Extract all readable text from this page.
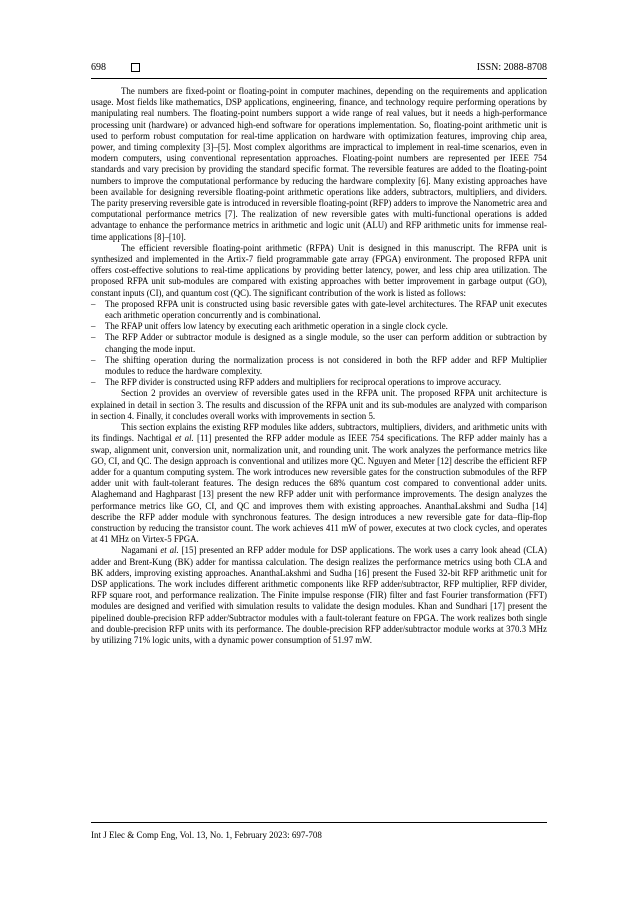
698	ISSN: 2088-8708

The numbers are fixed-point or floating-point in computer machines, depending on the requirements and application usage. Most fields like mathematics, DSP applications, engineering, finance, and technology require performing operations by manipulating real numbers. The floating-point numbers support a wide range of real values, but it needs a high-performance processing unit (hardware) or advanced high-end software for operations implementation. So, floating-point arithmetic unit is used to perform robust computation for real-time application on hardware with optimization features, improving chip area, power, and timing complexity [3]–[5]. Most complex algorithms are impractical to implement in real-time scenarios, even in modern computers, using conventional representation approaches. Floating-point numbers are represented per IEEE 754 standards and vary precision by providing the standard specific format. The reversible features are added to the floating-point numbers to improve the computational performance by reducing the hardware complexity [6]. Many existing approaches have been available for designing reversible floating-point arithmetic operations like adders, subtractors, multipliers, and dividers. The parity preserving reversible gate is introduced in reversible floating-point (RFP) adders to improve the Nanometric area and computational performance metrics [7]. The realization of new reversible gates with multi-functional operations is added advantage to enhance the performance metrics in arithmetic and logic unit (ALU) and RFP arithmetic units for immense real-time applications [8]–[10].

The efficient reversible floating-point arithmetic (RFPA) Unit is designed in this manuscript. The RFPA unit is synthesized and implemented in the Artix-7 field programmable gate array (FPGA) environment. The proposed RFPA unit offers cost-effective solutions to real-time applications by providing better latency, power, and less chip area utilization. The proposed RFPA unit sub-modules are compared with existing approaches with better improvement in garbage output (GO), constant inputs (CI), and quantum cost (QC). The significant contribution of the work is listed as follows:

– The proposed RFPA unit is constructed using basic reversible gates with gate-level architectures. The RFAP unit executes each arithmetic operation concurrently and is combinational.
– The RFAP unit offers low latency by executing each arithmetic operation in a single clock cycle.
– The RFP Adder or subtractor module is designed as a single module, so the user can perform addition or subtraction by changing the mode input.
– The shifting operation during the normalization process is not considered in both the RFP adder and RFP Multiplier modules to reduce the hardware complexity.
– The RFP divider is constructed using RFP adders and multipliers for reciprocal operations to improve accuracy.

Section 2 provides an overview of reversible gates used in the RFPA unit. The proposed RFPA unit architecture is explained in detail in section 3. The results and discussion of the RFPA unit and its sub-modules are analyzed with comparison in section 4. Finally, it concludes overall works with improvements in section 5.

This section explains the existing RFP modules like adders, subtractors, multipliers, dividers, and arithmetic units with its findings. Nachtigal et al. [11] presented the RFP adder module as IEEE 754 specifications. The RFP adder mainly has a swap, alignment unit, conversion unit, normalization unit, and rounding unit. The work analyzes the performance metrics like GO, CI, and QC. The design approach is conventional and utilizes more QC. Nguyen and Meter [12] describe the efficient RFP adder for a quantum computing system. The work introduces new reversible gates for the construction submodules of the RFP adder unit with fault-tolerant features. The design reduces the 68% quantum cost compared to conventional adder units. Alaghemand and Haghparast [13] present the new RFP adder unit with performance improvements. The design analyzes the performance metrics like GO, CI, and QC and improves them with existing approaches. AnanthaLakshmi and Sudha [14] describe the RFP adder module with synchronous features. The design introduces a new reversible gate for data–flip-flop construction by reducing the transistor count. The work achieves 411 mW of power, executes at two clock cycles, and operates at 41 MHz on Virtex-5 FPGA.

Nagamani et al. [15] presented an RFP adder module for DSP applications. The work uses a carry look ahead (CLA) adder and Brent-Kung (BK) adder for mantissa calculation. The design realizes the performance metrics using both CLA and BK adders, improving existing approaches. AnanthaLakshmi and Sudha [16] present the Fused 32-bit RFP arithmetic unit for DSP applications. The work includes different arithmetic components like RFP adder/subtractor, RFP multiplier, RFP divider, RFP square root, and performance realization. The Finite impulse response (FIR) filter and fast Fourier transformation (FFT) modules are designed and verified with simulation results to validate the design modules. Khan and Sundhari [17] present the pipelined double-precision RFP adder/Subtractor modules with a fault-tolerant feature on FPGA. The work realizes both single and double-precision RFP units with its performance. The double-precision RFP adder/subtractor module works at 370.3 MHz by utilizing 71% logic units, with a dynamic power consumption of 51.97 mW.

Int J Elec & Comp Eng, Vol. 13, No. 1, February 2023: 697-708
